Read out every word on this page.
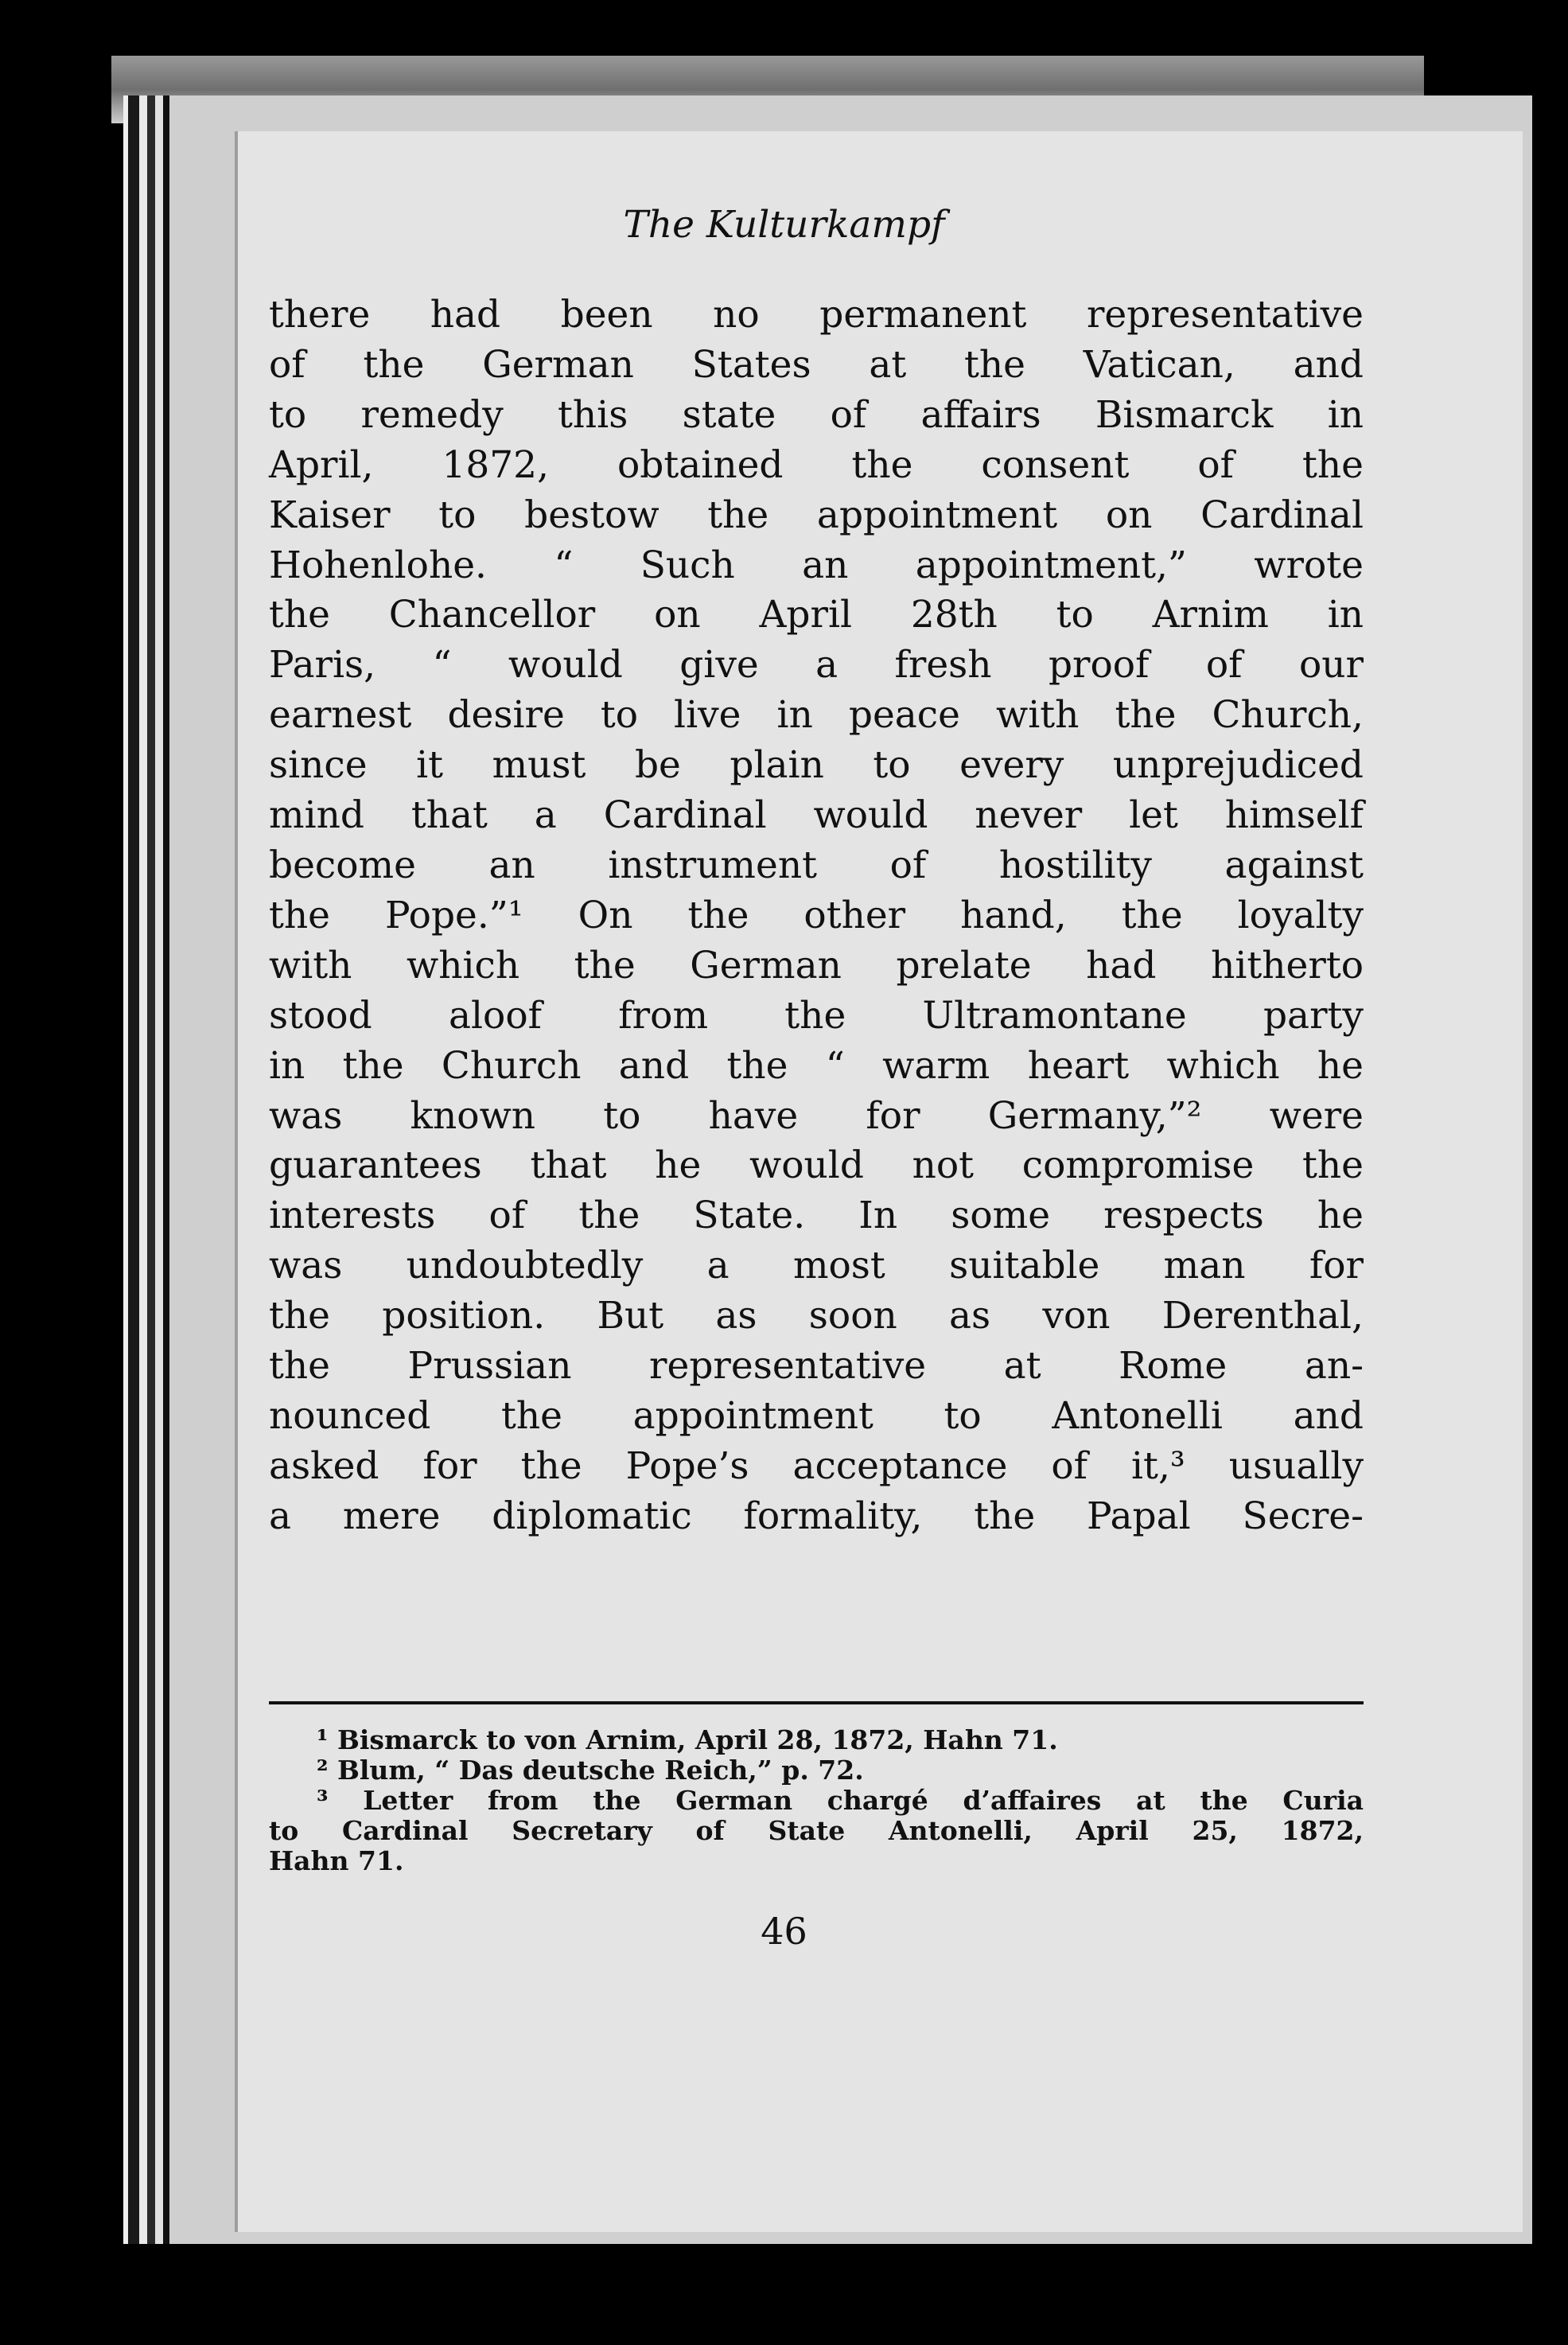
The Kulturkampf
there had been no permanent representative
of the German States at the Vatican, and
to remedy this state of affairs Bismarck in
April, 1872, obtained the consent of the
Kaiser to bestow the appointment on Cardinal
Hohenlohe. “ Such an appointment,” wrote
the Chancellor on April 28th to Arnim in
Paris, “ would give a fresh proof of our
earnest desire to live in peace with the Church,
since it must be plain to every unprejudiced
mind that a Cardinal would never let himself
become an instrument of hostility against
the Pope.”¹ On the other hand, the loyalty
with which the German prelate had hitherto
stood aloof from the Ultramontane party
in the Church and the “ warm heart which he
was known to have for Germany,”² were
guarantees that he would not compromise the
interests of the State. In some respects he
was undoubtedly a most suitable man for
the position. But as soon as von Derenthal,
the Prussian representative at Rome an-
nounced the appointment to Antonelli and
asked for the Pope’s acceptance of it,³ usually
a mere diplomatic formality, the Papal Secre-
¹ Bismarck to von Arnim, April 28, 1872, Hahn 71.
² Blum, “ Das deutsche Reich,” p. 72.
³ Letter from the German chargé d’affaires at the Curia
to Cardinal Secretary of State Antonelli, April 25, 1872,
Hahn 71.
46
